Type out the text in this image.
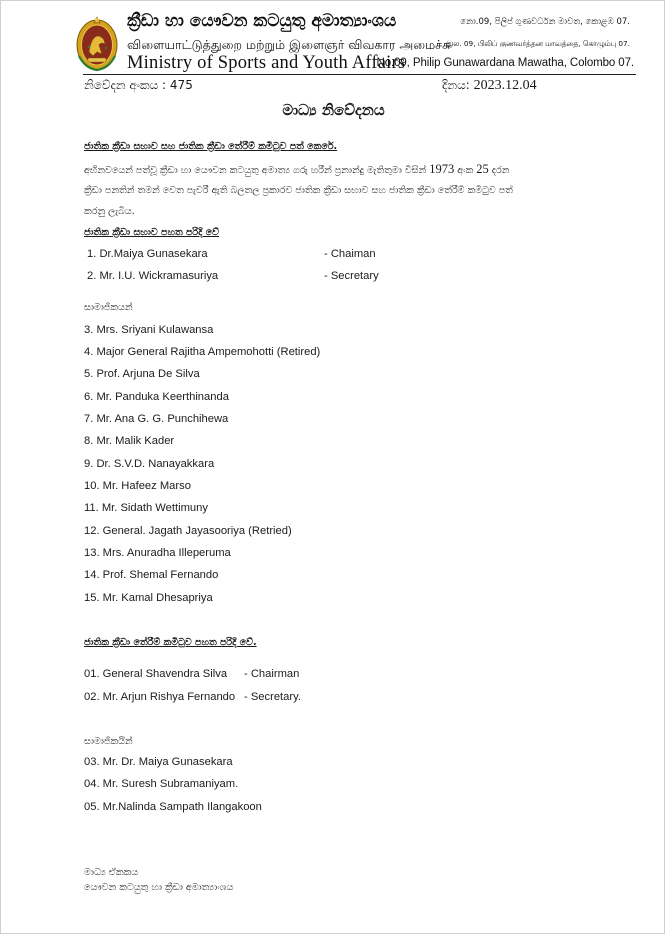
ක්‍රීඩා හා යෞවන කටයුතු අමාත්‍යාංශය
விளையாட்டுத்துறை மற்றும் இளைஞர் விவகார அமைச்சு
Ministry of Sports and Youth Affairs
නො.09, පිලිප් ගුණවර්ධන මාවත, කොළඹ 07.
இல. 09, பிலிப் குணவர்த்தன மாவத்தை, கொழும்பு 07.
No.09, Philip Gunawardana Mawatha, Colombo 07.
නිවේදන අංකය : 475	දිනය: 2023.12.04
මාධ්‍ය නිවේදනය
ජාතික ක්‍රීඩා සභාව සහ ජාතික ක්‍රීඩා තේරීම් කමිටුව පත් කෙරේ.
අභිනවයෙන් පත්වූ ක්‍රීඩා හා යෞවන කටයුතු අමාත්‍ය ගරු හරීන් ප්‍රනාන්දු මැතිතුමා විසින් 1973 අංක 25 දරන
ක්‍රීඩා පනතින් තමන් වෙත පැවරී ඇති බලතල ප්‍රකාරව ජාතික ක්‍රීඩා සභාව සහ ජාතික ක්‍රීඩා තේරීම් කමිටුව පත්
කරනු ලැබිය.
ජාතික ක්‍රීඩා සභාව පහත පරිදි වේ
1. Dr.Maiya Gunasekara	- Chaiman
2. Mr. I.U. Wickramasuriya	- Secretary
සාමාජිකයන්
3. Mrs. Sriyani Kulawansa
4. Major General Rajitha Ampemohotti (Retired)
5. Prof. Arjuna De Silva
6. Mr. Panduka Keerthinanda
7. Mr. Ana G. G. Punchihewa
8. Mr. Malik Kader
9. Dr. S.V.D. Nanayakkara
10. Mr. Hafeez Marso
11. Mr. Sidath Wettimuny
12. General. Jagath Jayasooriya (Retried)
13. Mrs. Anuradha Illeperuma
14. Prof. Shemal Fernando
15. Mr. Kamal Dhesapriya
ජාතික ක්‍රීඩා තේරීම් කමිටුව පහත පරිදි වේ.
01. General Shavendra Silva - Chairman
02. Mr. Arjun Rishya Fernando - Secretary.
සාමාජිකයින්
03. Mr. Dr. Maiya Gunasekara
04. Mr. Suresh Subramaniyam.
05. Mr.Nalinda Sampath Ilangakoon
මාධ්‍ය ඒකකය
යෞවන කටයුතු හා ක්‍රීඩා අමාත්‍යාංශය
